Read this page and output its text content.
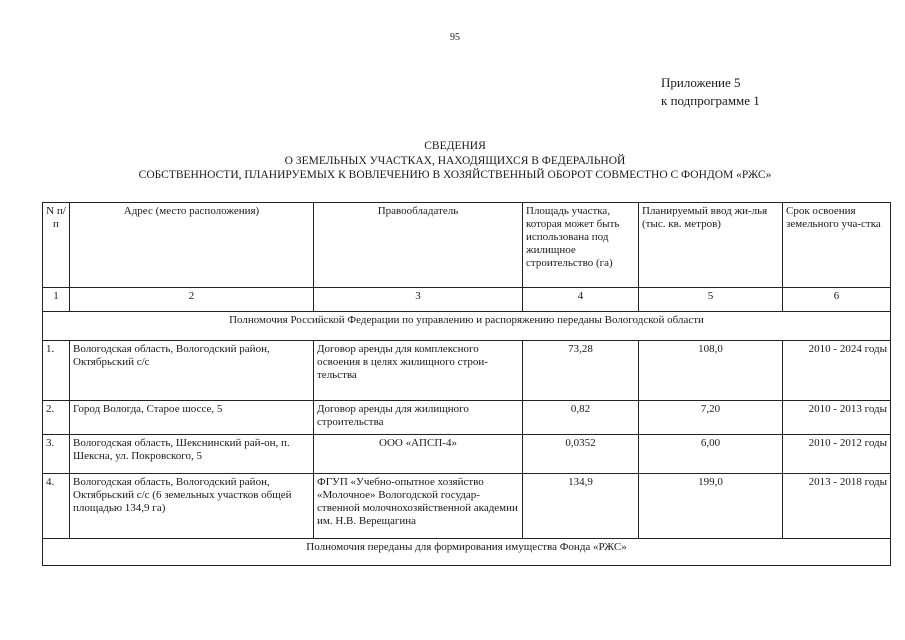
95
Приложение 5
к подпрограмме 1
СВЕДЕНИЯ
О ЗЕМЕЛЬНЫХ УЧАСТКАХ, НАХОДЯЩИХСЯ В ФЕДЕРАЛЬНОЙ
СОБСТВЕННОСТИ, ПЛАНИРУЕМЫХ К ВОВЛЕЧЕНИЮ В ХОЗЯЙСТВЕННЫЙ ОБОРОТ СОВМЕСТНО С ФОНДОМ «РЖС»
N п/п	Адрес (место расположения)	Правообладатель	Площадь участка, которая может быть использована под жилищное строительство (га)	Планируемый ввод жи-лья (тыс. кв. метров)	Срок освоения земельного уча-стка
1	2	3	4	5	6
Полномочия Российской Федерации по управлению и распоряжению переданы Вологодской области					
1.	Вологодская область, Вологодский район, Октябрьский с/с	Договор аренды для комплексного освоения в целях жилищного строи-тельства	73,28	108,0	2010 - 2024 годы
2.	Город Вологда, Старое шоссе, 5	Договор аренды для жилищного строительства	0,82	7,20	2010 - 2013 годы
3.	Вологодская область, Шекснинский рай-он, п. Шексна, ул. Покровского, 5	ООО «АПСП-4»	0,0352	6,00	2010 - 2012 годы
4.	Вологодская область, Вологодский район, Октябрьский с/с (6 земельных участков общей площадью 134,9 га)	ФГУП «Учебно-опытное хозяйство «Молочное» Вологодской государ-ственной молочнохозяйственной академии им. Н.В. Верещагина	134,9	199,0	2013 - 2018 годы
Полномочия переданы для формирования имущества Фонда «РЖС»					
